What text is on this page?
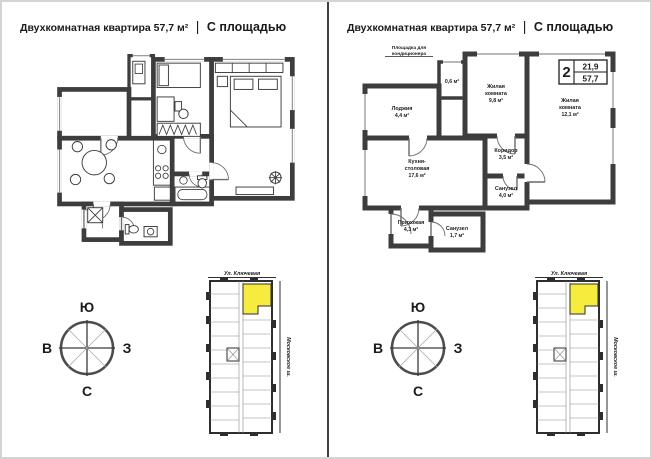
Двухкомнатная квартира 57,7 м² | С площадью
Ю
В	З
С
Ул. Ключевая
Московское ш.
Двухкомнатная квартира 57,7 м² | С площадью
Площадка для
кондиционера
0,6 м²
Лоджия
4,4 м²
Кухня-
столовая
17,6 м²
Жилая
комната
9,8 м²	Жилая
комната
12,1 м²
Коридор
3,5 м²
Санузел
4,0 м²
Прихожая
4,3 м²	Санузел
1,7 м²
2 21,9
57,7
Ю
В	З
С
Ул. Ключевая
Московское ш.
